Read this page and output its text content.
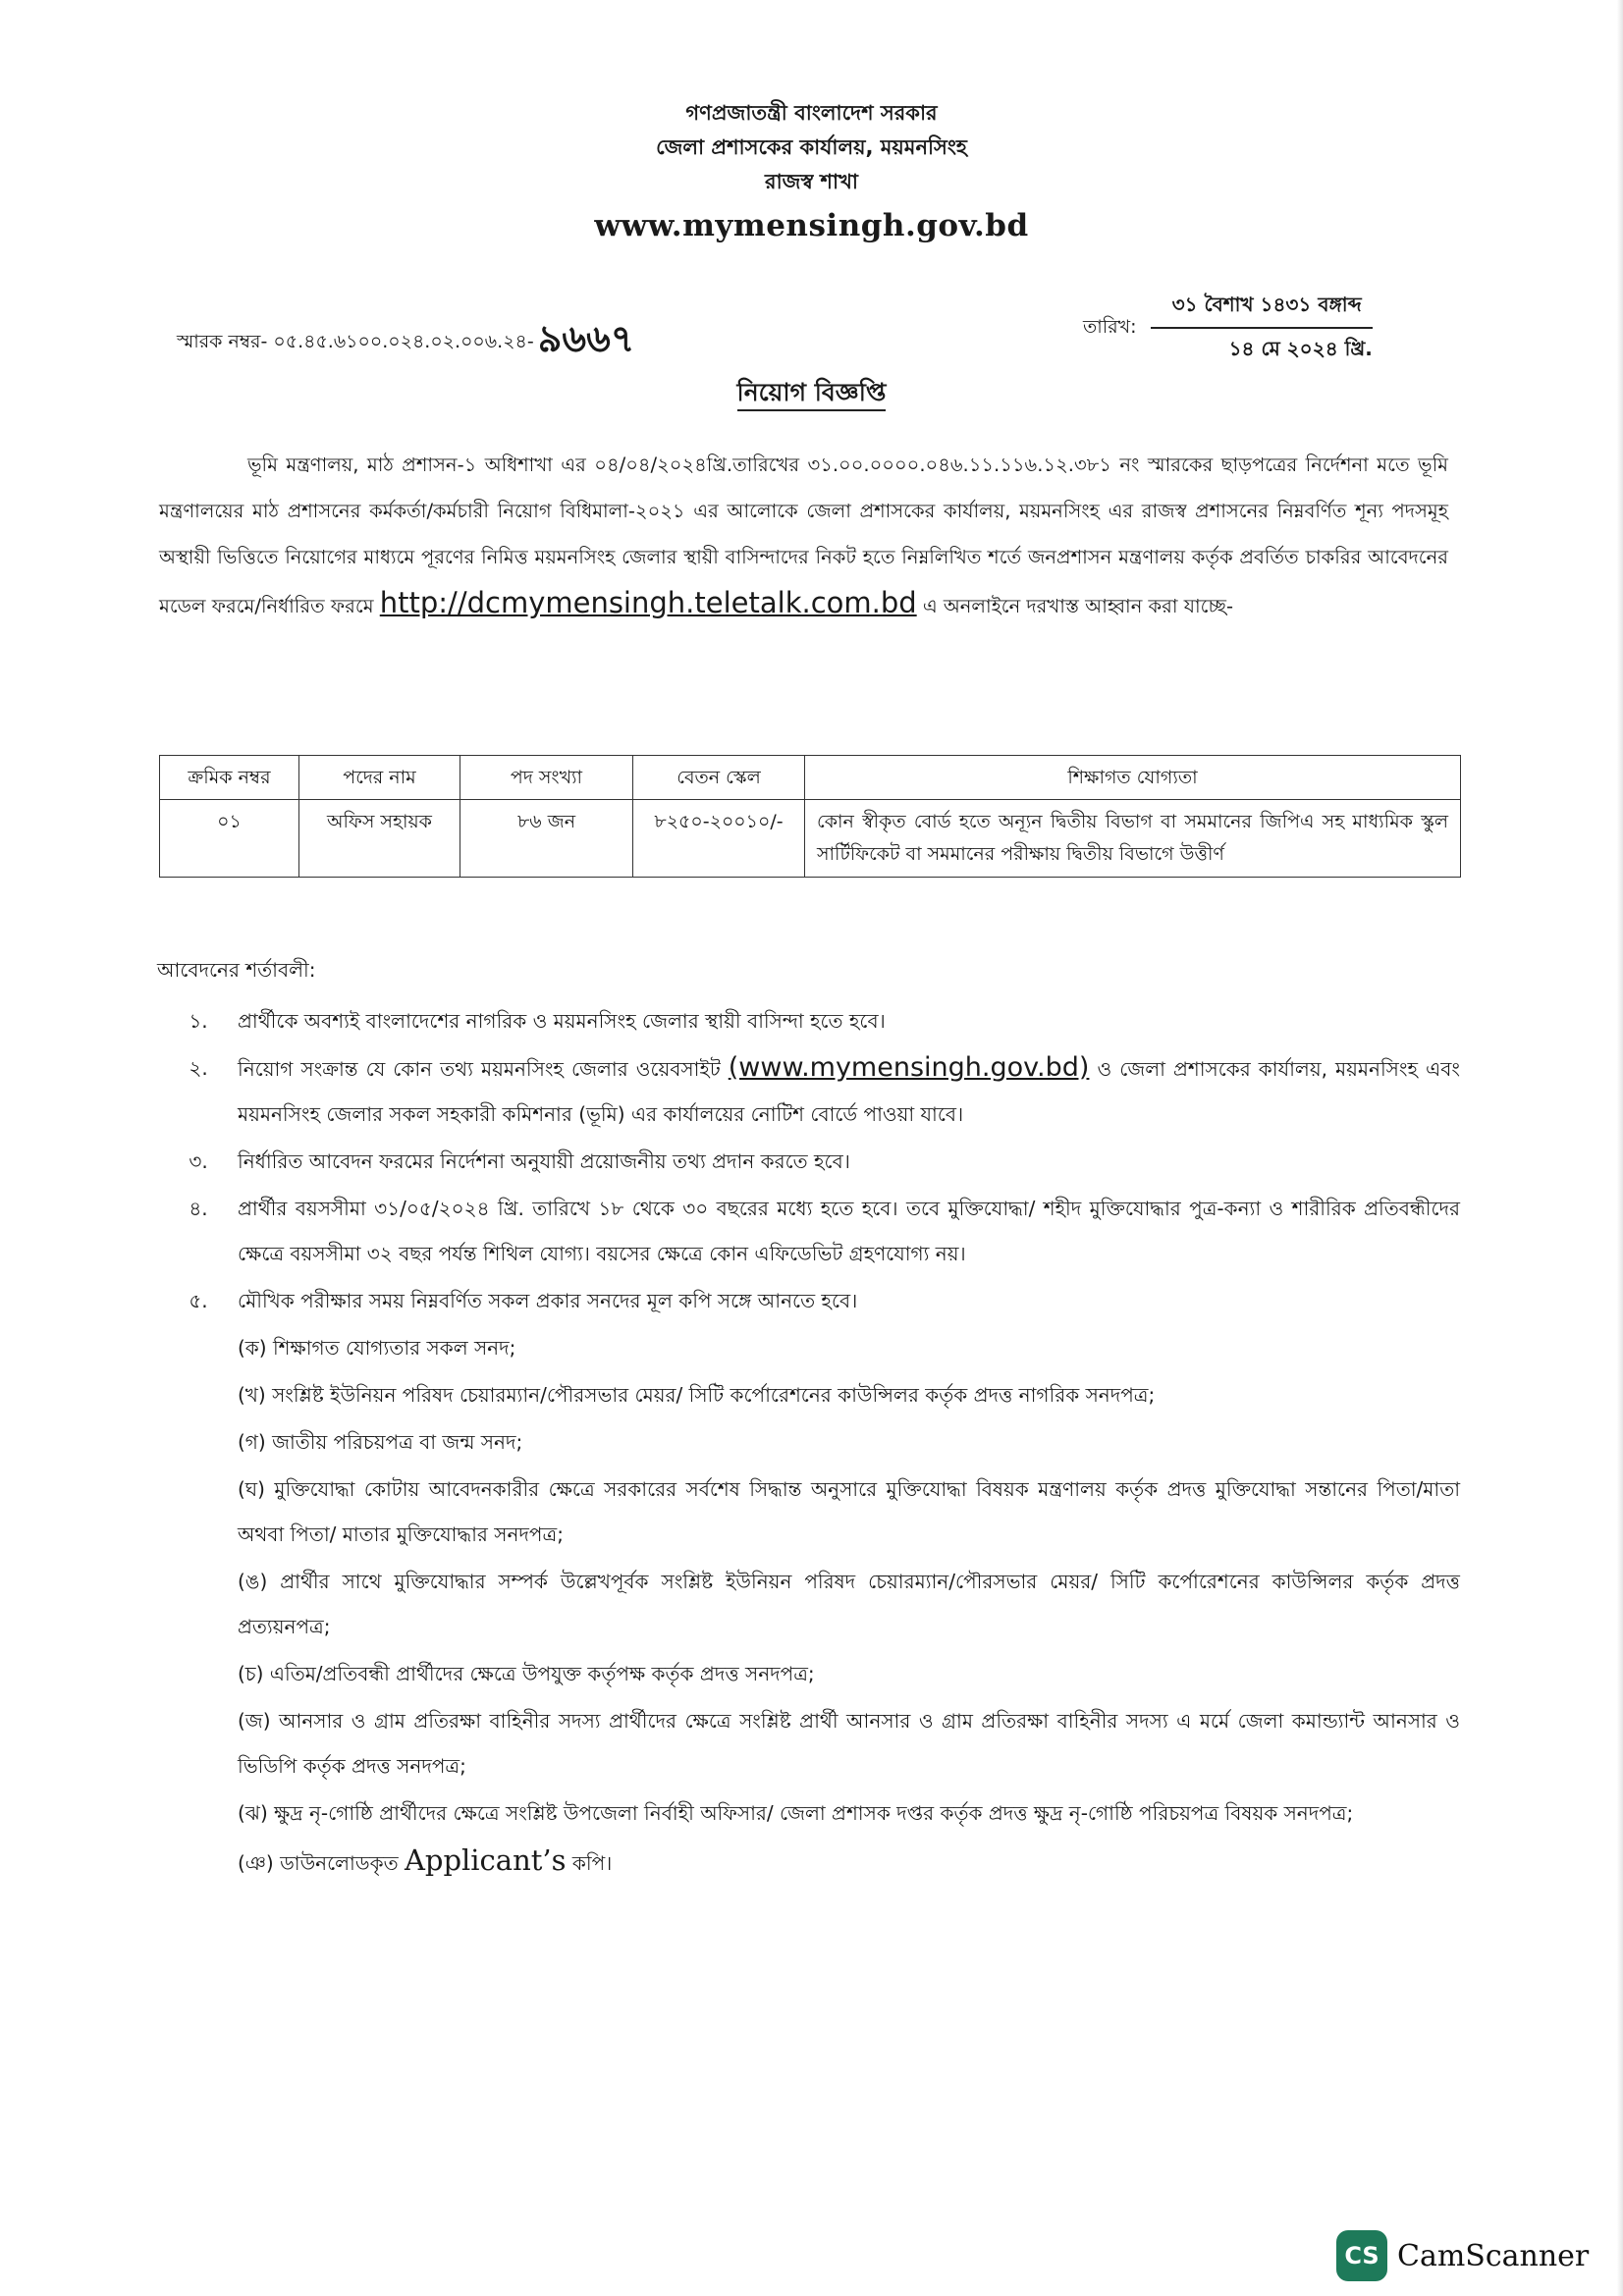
গণপ্রজাতন্ত্রী বাংলাদেশ সরকার
জেলা প্রশাসকের কার্যালয়, ময়মনসিংহ
রাজস্ব শাখা
www.mymensingh.gov.bd
স্মারক নম্বর- ০৫.৪৫.৬১০০.০২৪.০২.০০৬.২৪- ৯৬৬৭	তারিখ:
৩১ বৈশাখ ১৪৩১ বঙ্গাব্দ
১৪ মে ২০২৪ খ্রি.
নিয়োগ বিজ্ঞপ্তি
ভূমি মন্ত্রণালয়, মাঠ প্রশাসন-১ অধিশাখা এর ০৪/০৪/২০২৪খ্রি.তারিখের ৩১.০০.০০০০.০৪৬.১১.১১৬.১২.৩৮১ নং স্মারকের ছাড়পত্রের নির্দেশনা মতে ভূমি মন্ত্রণালয়ের মাঠ প্রশাসনের কর্মকর্তা/কর্মচারী নিয়োগ বিধিমালা-২০২১ এর আলোকে জেলা প্রশাসকের কার্যালয়, ময়মনসিংহ এর রাজস্ব প্রশাসনের নিম্নবর্ণিত শূন্য পদসমূহ অস্থায়ী ভিত্তিতে নিয়োগের মাধ্যমে পূরণের নিমিত্ত ময়মনসিংহ জেলার স্থায়ী বাসিন্দাদের নিকট হতে নিম্নলিখিত শর্তে জনপ্রশাসন মন্ত্রণালয় কর্তৃক প্রবর্তিত চাকরির আবেদনের মডেল ফরমে/নির্ধারিত ফরমে http://dcmymensingh.teletalk.com.bd এ অনলাইনে দরখাস্ত আহ্বান করা যাচ্ছে-
ক্রমিক নম্বর	পদের নাম	পদ সংখ্যা	বেতন স্কেল	শিক্ষাগত যোগ্যতা
০১	অফিস সহায়ক	৮৬ জন	৮২৫০-২০০১০/-	কোন স্বীকৃত বোর্ড হতে অন্যূন দ্বিতীয় বিভাগ বা সমমানের জিপিএ সহ মাধ্যমিক স্কুল সার্টিফিকেট বা সমমানের পরীক্ষায় দ্বিতীয় বিভাগে উত্তীর্ণ
আবেদনের শর্তাবলী:
১.	প্রার্থীকে অবশ্যই বাংলাদেশের নাগরিক ও ময়মনসিংহ জেলার স্থায়ী বাসিন্দা হতে হবে।
২.	নিয়োগ সংক্রান্ত যে কোন তথ্য ময়মনসিংহ জেলার ওয়েবসাইট (www.mymensingh.gov.bd) ও জেলা প্রশাসকের কার্যালয়, ময়মনসিংহ এবং ময়মনসিংহ জেলার সকল সহকারী কমিশনার (ভূমি) এর কার্যালয়ের নোটিশ বোর্ডে পাওয়া যাবে।
৩.	নির্ধারিত আবেদন ফরমের নির্দেশনা অনুযায়ী প্রয়োজনীয় তথ্য প্রদান করতে হবে।
৪.	প্রার্থীর বয়সসীমা ৩১/০৫/২০২৪ খ্রি. তারিখে ১৮ থেকে ৩০ বছরের মধ্যে হতে হবে। তবে মুক্তিযোদ্ধা/ শহীদ মুক্তিযোদ্ধার পুত্র-কন্যা ও শারীরিক প্রতিবন্ধীদের ক্ষেত্রে বয়সসীমা ৩২ বছর পর্যন্ত শিথিল যোগ্য। বয়সের ক্ষেত্রে কোন এফিডেভিট গ্রহণযোগ্য নয়।
৫.	মৌখিক পরীক্ষার সময় নিম্নবর্ণিত সকল প্রকার সনদের মূল কপি সঙ্গে আনতে হবে।
(ক) শিক্ষাগত যোগ্যতার সকল সনদ;
(খ) সংশ্লিষ্ট ইউনিয়ন পরিষদ চেয়ারম্যান/পৌরসভার মেয়র/ সিটি কর্পোরেশনের কাউন্সিলর কর্তৃক প্রদত্ত নাগরিক সনদপত্র;
(গ) জাতীয় পরিচয়পত্র বা জন্ম সনদ;
(ঘ) মুক্তিযোদ্ধা কোটায় আবেদনকারীর ক্ষেত্রে সরকারের সর্বশেষ সিদ্ধান্ত অনুসারে মুক্তিযোদ্ধা বিষয়ক মন্ত্রণালয় কর্তৃক প্রদত্ত মুক্তিযোদ্ধা সন্তানের পিতা/মাতা অথবা পিতা/ মাতার মুক্তিযোদ্ধার সনদপত্র;
(ঙ) প্রার্থীর সাথে মুক্তিযোদ্ধার সম্পর্ক উল্লেখপূর্বক সংশ্লিষ্ট ইউনিয়ন পরিষদ চেয়ারম্যান/পৌরসভার মেয়র/ সিটি কর্পোরেশনের কাউন্সিলর কর্তৃক প্রদত্ত প্রত্যয়নপত্র;
(চ) এতিম/প্রতিবন্ধী প্রার্থীদের ক্ষেত্রে উপযুক্ত কর্তৃপক্ষ কর্তৃক প্রদত্ত সনদপত্র;
(জ) আনসার ও গ্রাম প্রতিরক্ষা বাহিনীর সদস্য প্রার্থীদের ক্ষেত্রে সংশ্লিষ্ট প্রার্থী আনসার ও গ্রাম প্রতিরক্ষা বাহিনীর সদস্য এ মর্মে জেলা কমান্ড্যান্ট আনসার ও ভিডিপি কর্তৃক প্রদত্ত সনদপত্র;
(ঝ) ক্ষুদ্র নৃ-গোষ্ঠি প্রার্থীদের ক্ষেত্রে সংশ্লিষ্ট উপজেলা নির্বাহী অফিসার/ জেলা প্রশাসক দপ্তর কর্তৃক প্রদত্ত ক্ষুদ্র নৃ-গোষ্ঠি পরিচয়পত্র বিষয়ক সনদপত্র;
(ঞ) ডাউনলোডকৃত Applicant’s কপি।
CS CamScanner
